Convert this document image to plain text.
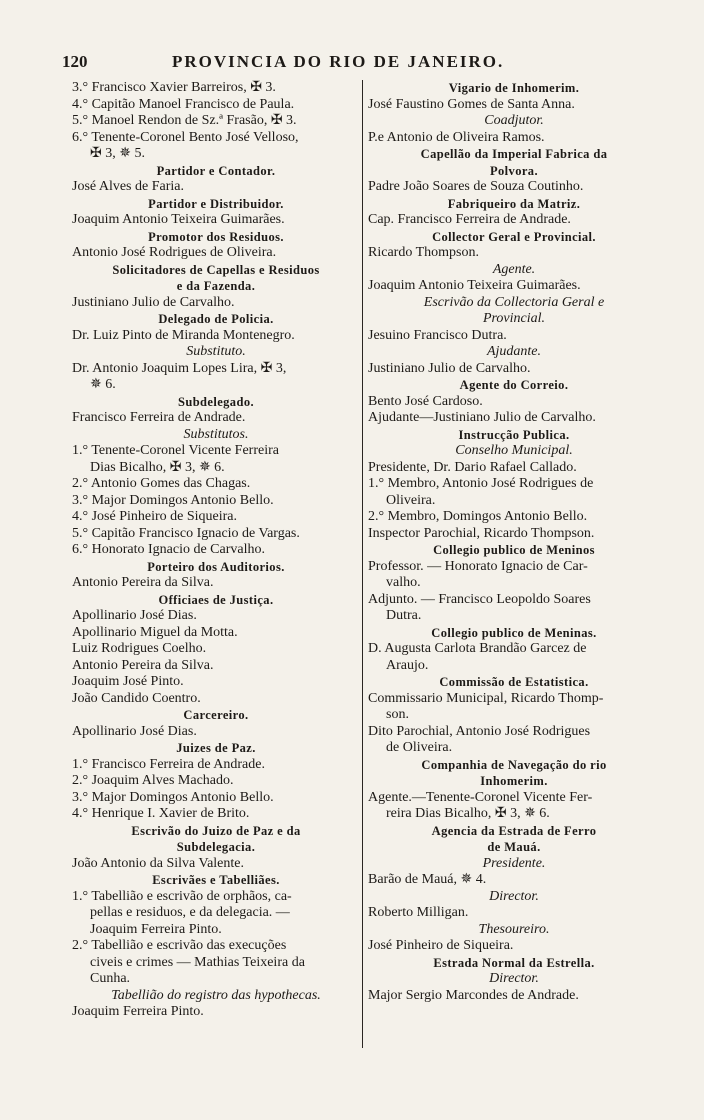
120	PROVINCIA DO RIO DE JANEIRO.
3.° Francisco Xavier Barreiros, ✠ 3.
4.° Capitão Manoel Francisco de Paula.
5.° Manoel Rendon de Sz.ª Frasão, ✠ 3.
6.° Tenente-Coronel Bento José Velloso,
✠ 3, ✵ 5.
Partidor e Contador.
José Alves de Faria.
Partidor e Distribuidor.
Joaquim Antonio Teixeira Guimarães.
Promotor dos Residuos.
Antonio José Rodrigues de Oliveira.
Solicitadores de Capellas e Residuos
e da Fazenda.
Justiniano Julio de Carvalho.
Delegado de Policia.
Dr. Luiz Pinto de Miranda Montenegro.
Substituto.
Dr. Antonio Joaquim Lopes Lira, ✠ 3,
✵ 6.
Subdelegado.
Francisco Ferreira de Andrade.
Substitutos.
1.° Tenente-Coronel Vicente Ferreira
Dias Bicalho, ✠ 3, ✵ 6.
2.° Antonio Gomes das Chagas.
3.° Major Domingos Antonio Bello.
4.° José Pinheiro de Siqueira.
5.° Capitão Francisco Ignacio de Vargas.
6.° Honorato Ignacio de Carvalho.
Porteiro dos Auditorios.
Antonio Pereira da Silva.
Officiaes de Justiça.
Apollinario José Dias.
Apollinario Miguel da Motta.
Luiz Rodrigues Coelho.
Antonio Pereira da Silva.
Joaquim José Pinto.
João Candido Coentro.
Carcereiro.
Apollinario José Dias.
Juizes de Paz.
1.° Francisco Ferreira de Andrade.
2.° Joaquim Alves Machado.
3.° Major Domingos Antonio Bello.
4.° Henrique I. Xavier de Brito.
Escrivão do Juizo de Paz e da
Subdelegacia.
João Antonio da Silva Valente.
Escrivães e Tabelliães.
1.° Tabellião e escrivão de orphãos, ca-
pellas e residuos, e da delegacia. —
Joaquim Ferreira Pinto.
2.° Tabellião e escrivão das execuções
civeis e crimes — Mathias Teixeira da
Cunha.
Tabellião do registro das hypothecas.
Joaquim Ferreira Pinto.
Vigario de Inhomerim.
José Faustino Gomes de Santa Anna.
Coadjutor.
P.e Antonio de Oliveira Ramos.
Capellão da Imperial Fabrica da
Polvora.
Padre João Soares de Souza Coutinho.
Fabriqueiro da Matriz.
Cap. Francisco Ferreira de Andrade.
Collector Geral e Provincial.
Ricardo Thompson.
Agente.
Joaquim Antonio Teixeira Guimarães.
Escrivão da Collectoria Geral e
Provincial.
Jesuino Francisco Dutra.
Ajudante.
Justiniano Julio de Carvalho.
Agente do Correio.
Bento José Cardoso.
Ajudante—Justiniano Julio de Carvalho.
Instrucção Publica.
Conselho Municipal.
Presidente, Dr. Dario Rafael Callado.
1.° Membro, Antonio José Rodrigues de
Oliveira.
2.° Membro, Domingos Antonio Bello.
Inspector Parochial, Ricardo Thompson.
Collegio publico de Meninos
Professor. — Honorato Ignacio de Car-
valho.
Adjunto. — Francisco Leopoldo Soares
Dutra.
Collegio publico de Meninas.
D. Augusta Carlota Brandão Garcez de
Araujo.
Commissão de Estatistica.
Commissario Municipal, Ricardo Thomp-
son.
Dito Parochial, Antonio José Rodrigues
de Oliveira.
Companhia de Navegação do rio
Inhomerim.
Agente.—Tenente-Coronel Vicente Fer-
reira Dias Bicalho, ✠ 3, ✵ 6.
Agencia da Estrada de Ferro
de Mauá.
Presidente.
Barão de Mauá, ✵ 4.
Director.
Roberto Milligan.
Thesoureiro.
José Pinheiro de Siqueira.
Estrada Normal da Estrella.
Director.
Major Sergio Marcondes de Andrade.
